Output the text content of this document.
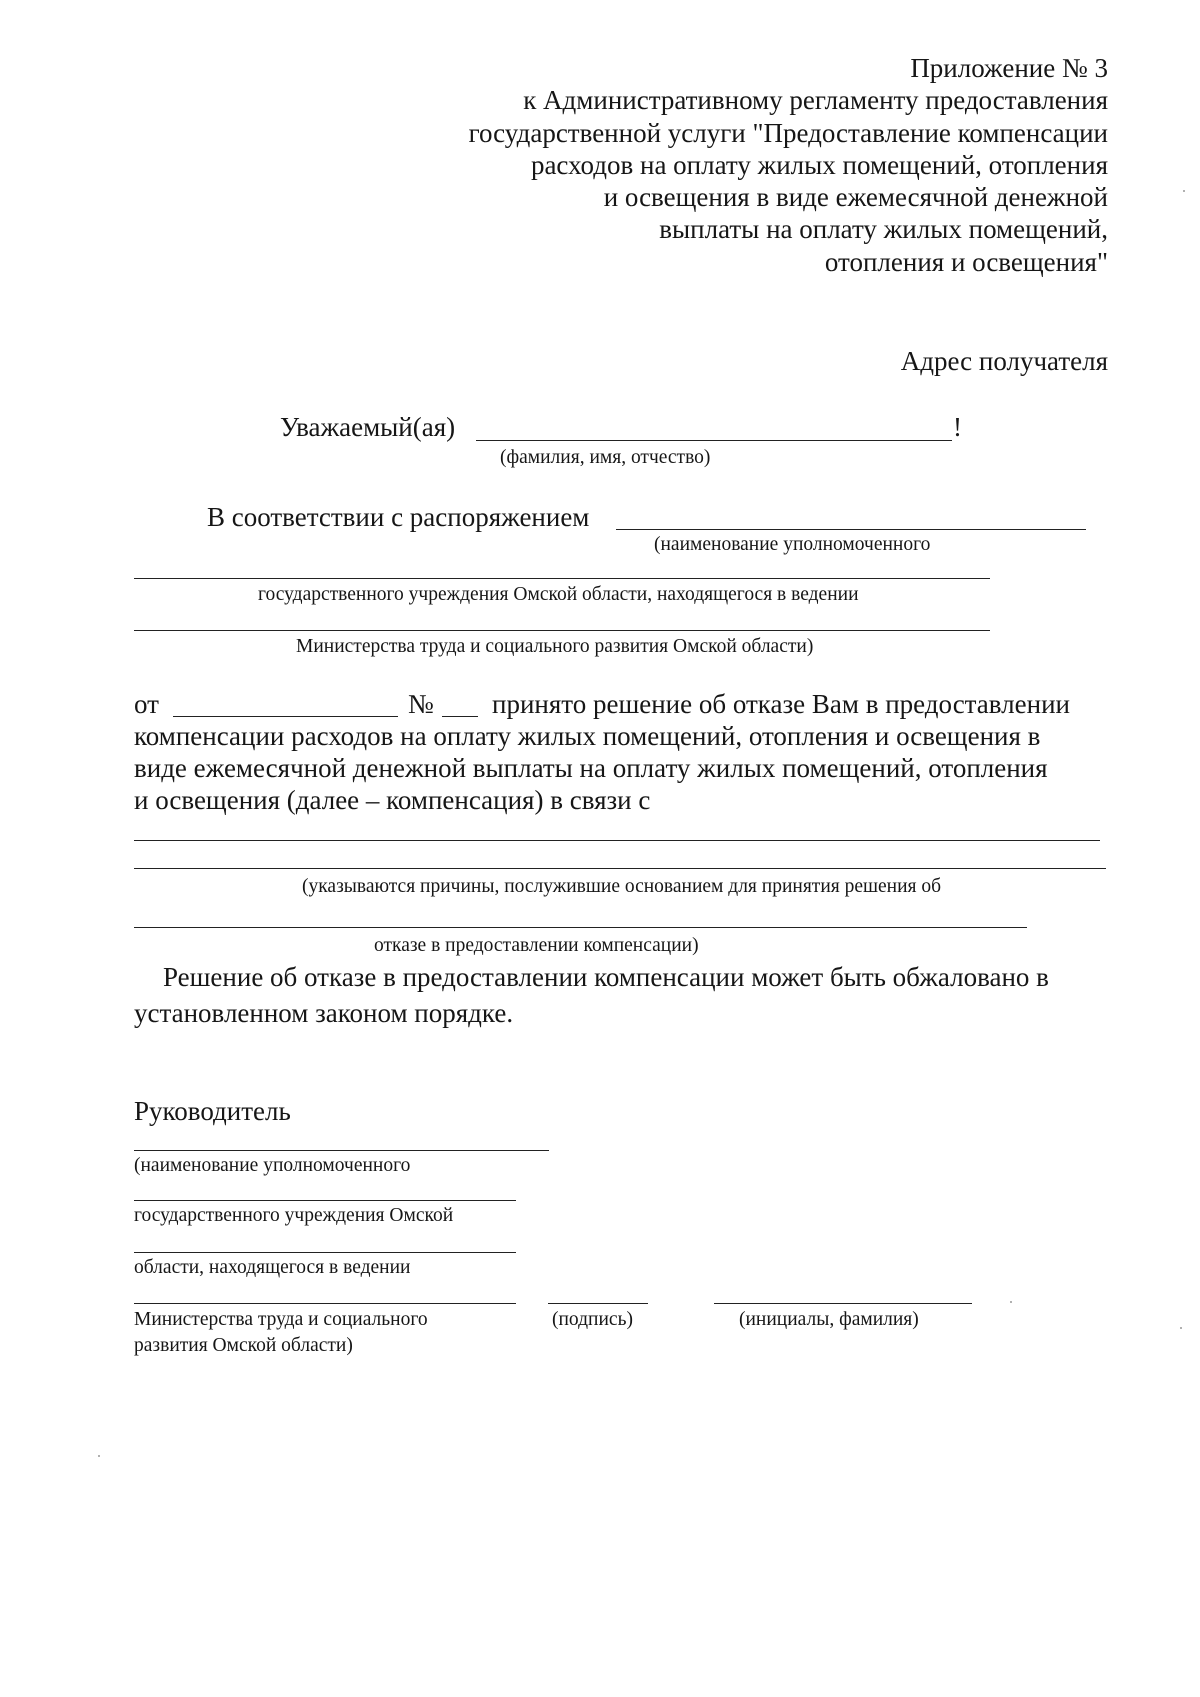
Приложение № 3
к Административному регламенту предоставления
государственной услуги "Предоставление компенсации
расходов на оплату жилых помещений, отопления
и освещения в виде ежемесячной денежной
выплаты на оплату жилых помещений,
отопления и освещения"
Адрес получателя
Уважаемый(ая)	!
(фамилия, имя, отчество)
В соответствии с распоряжением
(наименование уполномоченного
государственного учреждения Омской области, находящегося в ведении
Министерства труда и социального развития Омской области)
от	№ принято решение об отказе Вам в предоставлении
компенсации расходов на оплату жилых помещений, отопления и освещения в
виде ежемесячной денежной выплаты на оплату жилых помещений, отопления
и освещения (далее – компенсация) в связи с
(указываются причины, послужившие основанием для принятия решения об
отказе в предоставлении компенсации)
Решение об отказе в предоставлении компенсации может быть обжаловано в
установленном законом порядке.
Руководитель
(наименование уполномоченного
государственного учреждения Омской
области, находящегося в ведении
Министерства труда и социального
развития Омской области)
(подпись)	(инициалы, фамилия)
